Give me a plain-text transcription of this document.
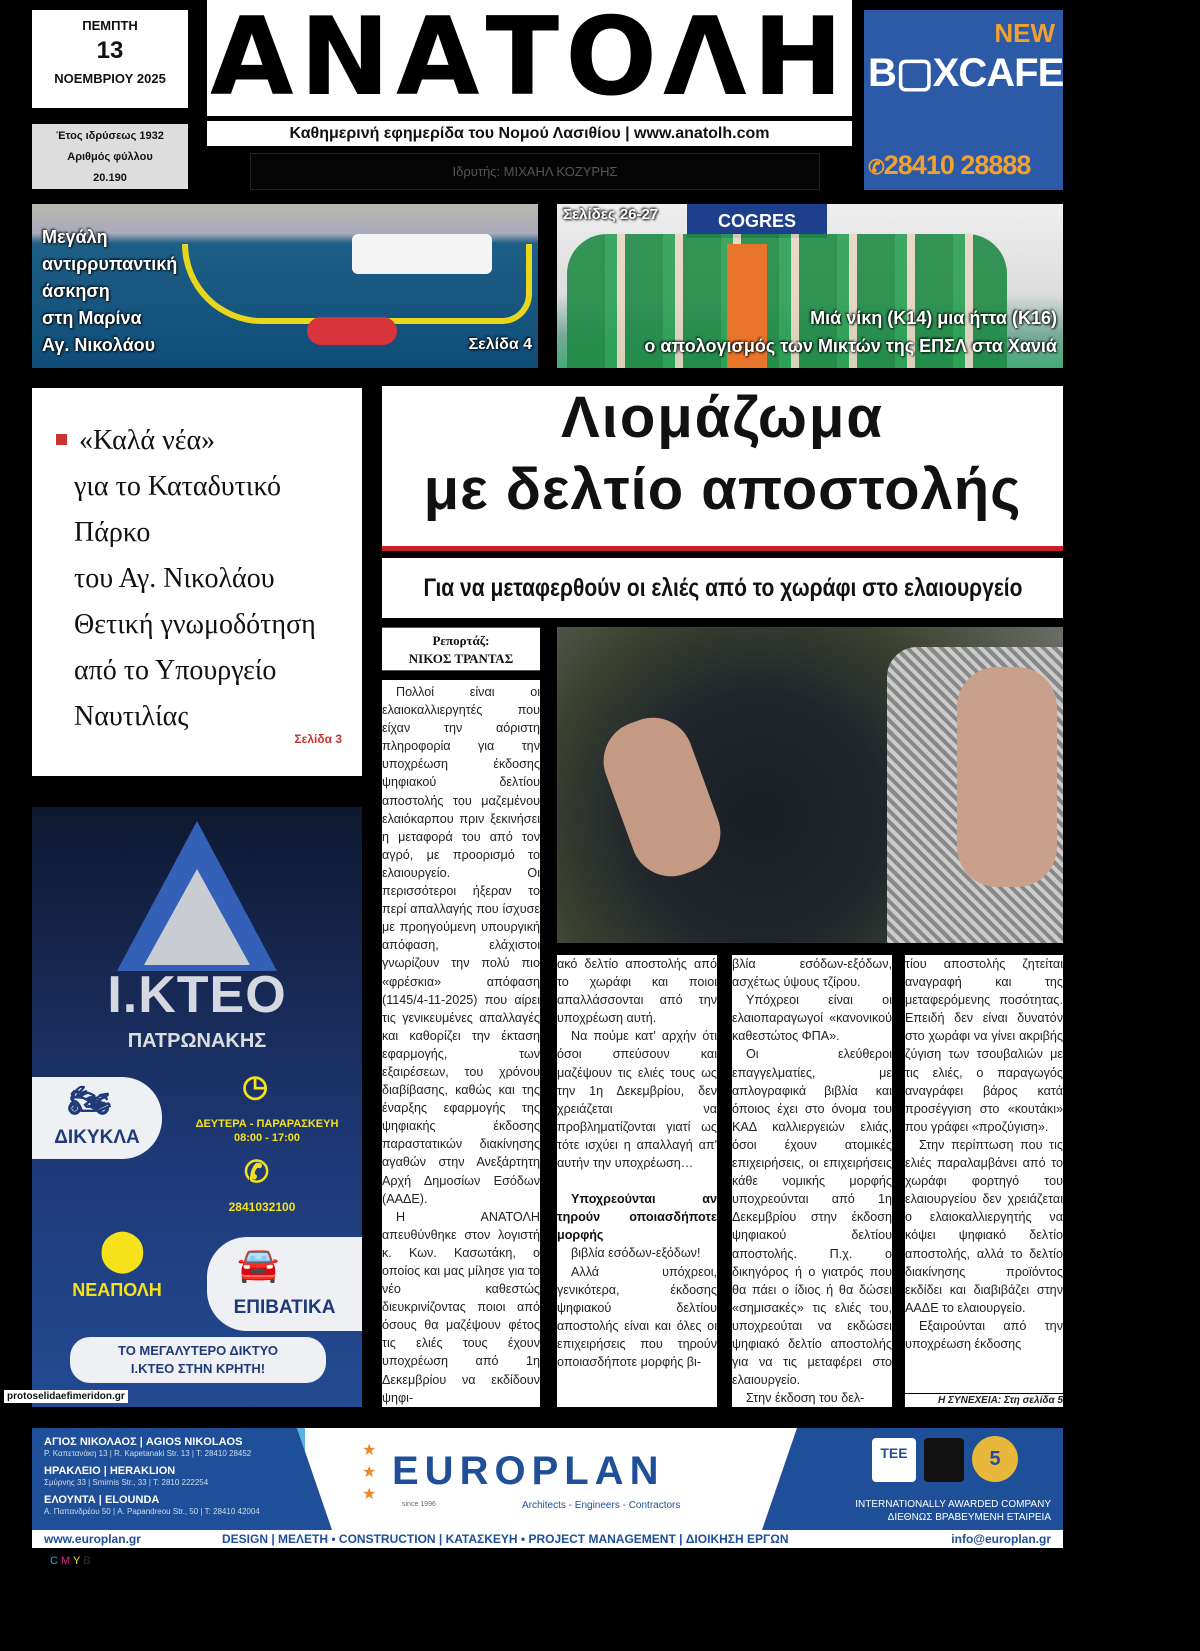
ΠΕΜΠΤΗ
13
ΝΟΕΜΒΡΙΟΥ 2025
Έτος ιδρύσεως 1932
Αριθμός φύλλου
20.190
ΑΝΑΤΟΛΗ
Καθημερινή εφημερίδα του Νομού Λασιθίου | www.anatolh.com
Ιδρυτής: ΜΙΧΑΗΛ ΚΟΖΥΡΗΣ
NEW
B▢XCAFE
✆28410 28888
Μεγάλη
αντιρρυπαντική
άσκηση
στη Μαρίνα
Αγ. Νικολάου	Σελίδα 4
COGRES
Σελίδες 26-27
Μιά νίκη (Κ14) μια ήττα (Κ16)
ο απολογισμός των Μικτών της ΕΠΣΛ στα Χανιά
«Καλά νέα»
για το Καταδυτικό
Πάρκο
του Αγ. Νικολάου
Θετική γνωμοδότηση
από το Υπουργείο
Ναυτιλίας
Σελίδα 3
Ι.ΚΤΕΟ
ΠΑΤΡΩΝΑΚΗΣ
🏍
ΔΙΚΥΚΛΑ
◷
ΔΕΥΤΕΡΑ - ΠΑΡΑΡΑΣΚΕΥΗ
08:00 - 17:00
✆
2841032100
⬤
ΝΕΑΠΟΛΗ
🚘
ΕΠΙΒΑΤΙΚΑ
ΤΟ ΜΕΓΑΛΥΤΕΡΟ ΔΙΚΤΥΟ
Ι.ΚΤΕΟ ΣΤΗΝ ΚΡΗΤΗ!
protoselidaefimeridon.gr
Λιομάζωμα
με δελτίο αποστολής
Για να μεταφερθούν οι ελιές από το χωράφι στο ελαιουργείο
Ρεπορτάζ:
ΝΙΚΟΣ ΤΡΑΝΤΑΣ

Πολλοί είναι οι ελαιοκαλλιεργητές που είχαν την αόριστη πληροφορία για την υποχρέωση έκδοσης ψηφιακού δελτίου αποστολής του μαζεμένου ελαιόκαρπου πριν ξεκινήσει η μεταφορά του από τον αγρό, με προορισμό το ελαιουργείο. Οι περισσότεροι ήξεραν το περί απαλλαγής που ίσχυσε με προηγούμενη υπουργική απόφαση, ελάχιστοι γνωρίζουν την πολύ πιο «φρέσκια» απόφαση (1145/4-11-2025) που αίρει τις γενικευμένες απαλλαγές και καθορίζει την έκταση εφαρμογής, των εξαιρέσεων, του χρόνου διαβίβασης, καθώς και της έναρξης εφαρμογής της ψηφιακής έκδοσης παραστατικών διακίνησης αγαθών στην Ανεξάρτητη Αρχή Δημοσίων Εσόδων (ΑΑΔΕ).

Η ΑΝΑΤΟΛΗ απευθύνθηκε στον λογιστή κ. Κων. Κασωτάκη, ο οποίος και μας μίλησε για το νέο καθεστώς διευκρινίζοντας ποιοι από όσους θα μαζέψουν φέτος τις ελιές τους έχουν υποχρέωση από 1η Δεκεμβρίου να εκδίδουν ψηφι-

ακό δελτίο αποστολής από το χωράφι και ποιοι απαλλάσσονται από την υποχρέωση αυτή.

Να πούμε κατ' αρχήν ότι όσοι σπεύσουν και μαζέψουν τις ελιές τους ως την 1η Δεκεμβρίου, δεν χρειάζεται να προβληματίζονται γιατί ως τότε ισχύει η απαλλαγή απ' αυτήν την υποχρέωση…

Υποχρεούνται αν τηρούν οποιασδήποτε μορφής

βιβλία εσόδων-εξόδων!

Αλλά υπόχρεοι, γενικότερα, έκδοσης ψηφιακού δελτίου αποστολής είναι και όλες οι επιχειρήσεις που τηρούν οποιασδήποτε μορφής βι-

βλία εσόδων-εξόδων, ασχέτως ύψους τζίρου.

Υπόχρεοι είναι οι ελαιοπαραγωγοί «κανονικού καθεστώτος ΦΠΑ».

Οι ελεύθεροι επαγγελματίες, με απλογραφικά βιβλία και όποιος έχει στο όνομα του ΚΑΔ καλλιεργειών ελιάς, όσοι έχουν ατομικές επιχειρήσεις, οι επιχειρήσεις κάθε νομικής μορφής υποχρεούνται από 1η Δεκεμβρίου στην έκδοση ψηφιακού δελτίου αποστολής. Π.χ. ο δικηγόρος ή ο γιατρός που θα πάει ο ίδιος ή θα δώσει «σημισακές» τις ελιές του, υποχρεούται να εκδώσει ψηφιακό δελτίο αποστολής για να τις μεταφέρει στο ελαιουργείο.

Στην έκδοση του δελ-

τίου αποστολής ζητείται αναγραφή και της μεταφερόμενης ποσότητας. Επειδή δεν είναι δυνατόν στο χωράφι να γίνει ακριβής ζύγιση των τσουβαλιών με τις ελιές, ο παραγωγός αναγράφει βάρος κατά προσέγγιση στο «κουτάκι» που γράφει «προζύγιση».

Στην περίπτωση που τις ελιές παραλαμβάνει από το χωράφι φορτηγό του ελαιουργείου δεν χρειάζεται ο ελαιοκαλλιεργητής να κόψει ψηφιακό δελτίο αποστολής, αλλά το δελτίο διακίνησης προϊόντος εκδίδει και διαβιβάζει στην ΑΑΔΕ το ελαιουργείο.

Εξαιρούνται από την υποχρέωση έκδοσης

Η ΣΥΝΕΧΕΙΑ: Στη σελίδα 5
ΑΓΙΟΣ ΝΙΚΟΛΑΟΣ | AGIOS NIKOLAOS
Ρ. Καπετανάκη 13 | R. Kapetanaki Str. 13 | T: 28410 28452
ΗΡΑΚΛΕΙΟ | HERAKLION
Σμύρνης 33 | Smirnis Str., 33 | T: 2810 222254
ΕΛΟΥΝΤΑ | ELOUNDA
Α. Παπανδρέου 50 | A. Papandreou Str., 50 | T: 28410 42004
★
★
★
EUROPLAN
since 1996	Architects - Engineers - Contractors
ΤΕΕ	5
INTERNATIONALLY AWARDED COMPANY
ΔΙΕΘΝΩΣ ΒΡΑΒΕΥΜΕΝΗ ΕΤΑΙΡΕΙΑ
www.europlan.gr	DESIGN | ΜΕΛΕΤΗ • CONSTRUCTION | ΚΑΤΑΣΚΕΥΗ • PROJECT MANAGEMENT | ΔΙΟΙΚΗΣΗ ΕΡΓΩΝ	info@europlan.gr
C M Y B
